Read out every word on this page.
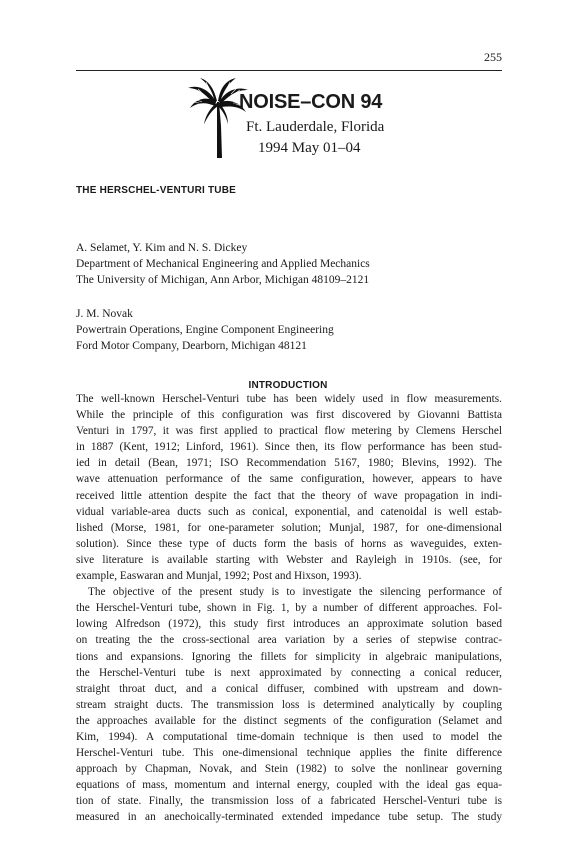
255
NOISE–CON 94
Ft. Lauderdale, Florida
1994 May 01–04
THE HERSCHEL-VENTURI TUBE
A. Selamet, Y. Kim and N. S. Dickey
Department of Mechanical Engineering and Applied Mechanics
The University of Michigan, Ann Arbor, Michigan 48109–2121
J. M. Novak
Powertrain Operations, Engine Component Engineering
Ford Motor Company, Dearborn, Michigan 48121
INTRODUCTION
The well-known Herschel-Venturi tube has been widely used in flow measurements.
While the principle of this configuration was first discovered by Giovanni Battista
Venturi in 1797, it was first applied to practical flow metering by Clemens Herschel
in 1887 (Kent, 1912; Linford, 1961). Since then, its flow performance has been stud-
ied in detail (Bean, 1971; ISO Recommendation 5167, 1980; Blevins, 1992). The
wave attenuation performance of the same configuration, however, appears to have
received little attention despite the fact that the theory of wave propagation in indi-
vidual variable-area ducts such as conical, exponential, and catenoidal is well estab-
lished (Morse, 1981, for one-parameter solution; Munjal, 1987, for one-dimensional
solution). Since these type of ducts form the basis of horns as waveguides, exten-
sive literature is available starting with Webster and Rayleigh in 1910s. (see, for
example, Easwaran and Munjal, 1992; Post and Hixson, 1993).
The objective of the present study is to investigate the silencing performance of
the Herschel-Venturi tube, shown in Fig. 1, by a number of different approaches. Fol-
lowing Alfredson (1972), this study first introduces an approximate solution based
on treating the the cross-sectional area variation by a series of stepwise contrac-
tions and expansions. Ignoring the fillets for simplicity in algebraic manipulations,
the Herschel-Venturi tube is next approximated by connecting a conical reducer,
straight throat duct, and a conical diffuser, combined with upstream and down-
stream straight ducts. The transmission loss is determined analytically by coupling
the approaches available for the distinct segments of the configuration (Selamet and
Kim, 1994). A computational time-domain technique is then used to model the
Herschel-Venturi tube. This one-dimensional technique applies the finite difference
approach by Chapman, Novak, and Stein (1982) to solve the nonlinear governing
equations of mass, momentum and internal energy, coupled with the ideal gas equa-
tion of state. Finally, the transmission loss of a fabricated Herschel-Venturi tube is
measured in an anechoically-terminated extended impedance tube setup. The study
